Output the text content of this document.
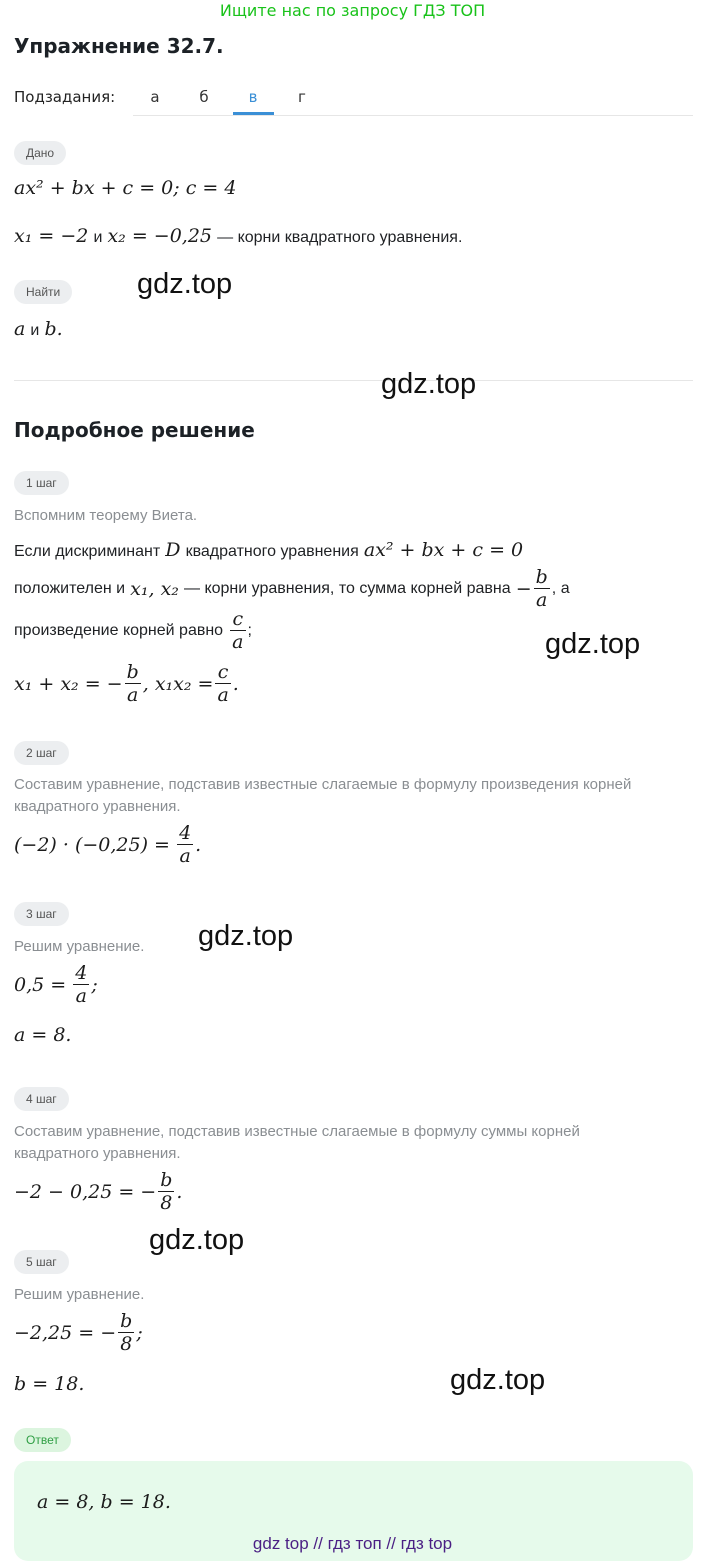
Ищите нас по запросу ГДЗ ТОП
Упражнение 32.7.
Подзадания:	а	б	в	г
Дано
ax² + bx + c = 0; c = 4
x₁ = −2 и x₂ = −0,25 — корни квадратного уравнения.
Найти	gdz.top
a и b.
gdz.top
Подробное решение
1 шаг
Вспомним теорему Виета.
Если дискриминант D квадратного уравнения ax² + bx + c = 0
положителен и
x₁, x₂
— корни уравнения, то сумма корней равна
− $\frac{b}{a}$ , а
произведение корней равно
$\frac{c}{a}$ ;	gdz.top
x₁ + x₂ = − $\frac{b}{a}$ , $x_1x_2 = \frac{c}{a}$ .
2 шаг
Составим уравнение, подставив известные слагаемые в формулу произведения корней
квадратного уравнения.
(−2) · (−0,25) =
$\frac{4}{a}$ .
3 шаг
gdz.top
Решим уравнение.
0,5 =
$\frac{4}{a}$ ;
a = 8.
4 шаг
Составим уравнение, подставив известные слагаемые в формулу суммы корней
квадратного уравнения.
−2 − 0,25 = − $\frac{b}{8}$ .
gdz.top
5 шаг
Решим уравнение.
−2,25 = − $\frac{b}{8}$ ;
b = 18.	gdz.top
Ответ
a = 8, b = 18.
gdz top // гдз топ // гдз top
